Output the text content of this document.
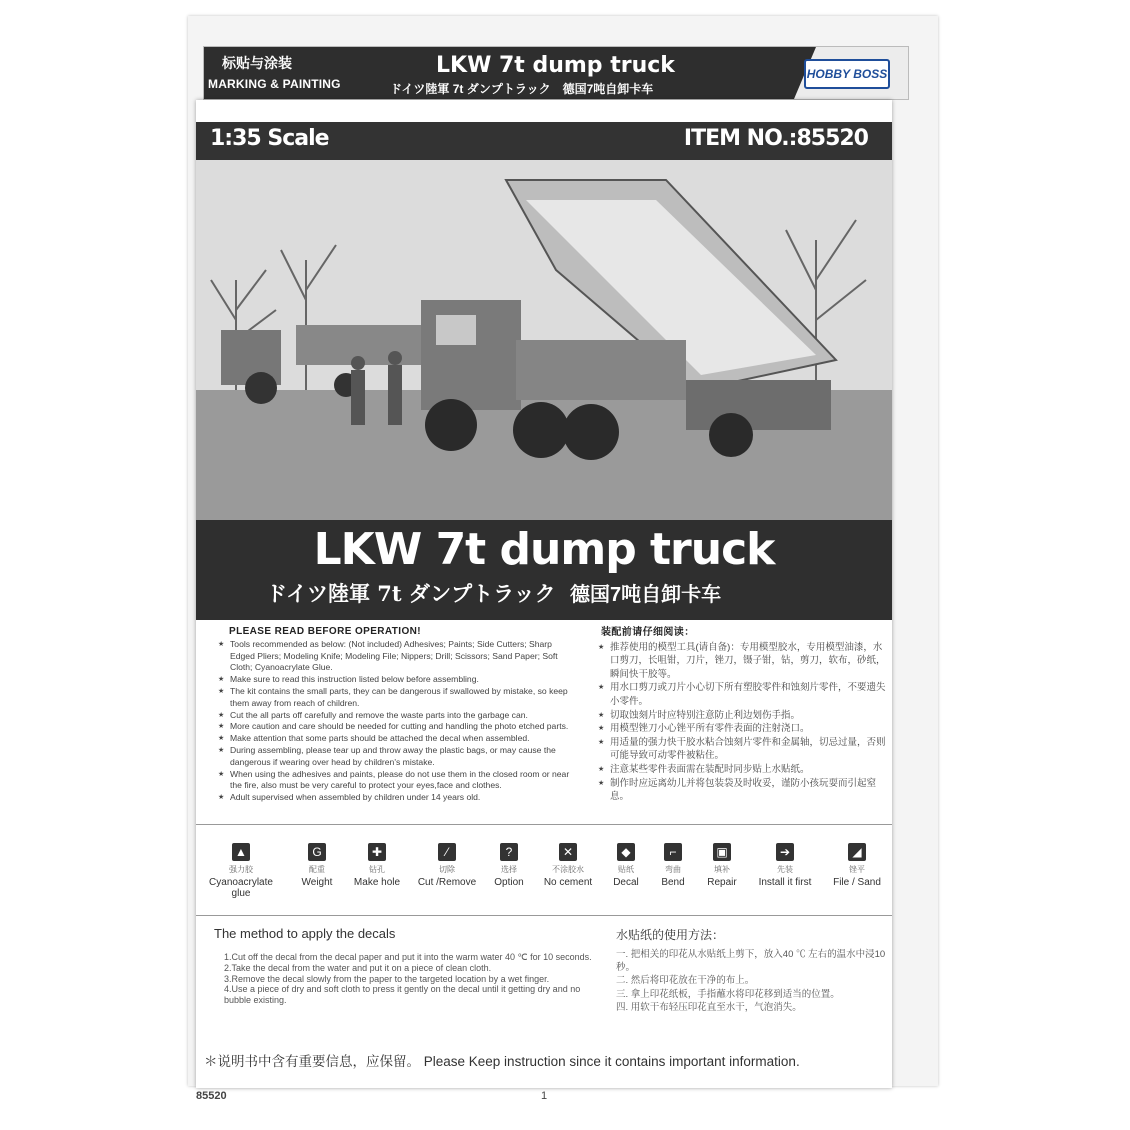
标贴与涂装
MARKING & PAINTING
LKW 7t dump truck
ドイツ陸軍 7t ダンプトラック　德国7吨自卸卡车
HOBBY BOSS
1:35 Scale	ITEM NO.:85520
LKW 7t dump truck
ドイツ陸軍 7t ダンプトラック 德国7吨自卸卡车
PLEASE READ BEFORE OPERATION!
★ Tools recommended as below: (Not included) Adhesives; Paints; Side Cutters; Sharp Edged Pliers; Modeling Knife; Modeling File; Nippers; Drill; Scissors; Sand Paper; Soft Cloth; Cyanoacrylate Glue.
★ Make sure to read this instruction listed below before assembling.
★ The kit contains the small parts, they can be dangerous if swallowed by mistake, so keep them away from reach of children.
★ Cut the all parts off carefully and remove the waste parts into the garbage can.
★ More caution and care should be needed for cutting and handling the photo etched parts.
★ Make attention that some parts should be attached the decal when assembled.
★ During assembling, please tear up and throw away the plastic bags, or may cause the dangerous if wearing over head by children's mistake.
★ When using the adhesives and paints, please do not use them in the closed room or near the fire, also must be very careful to protect your eyes,face and clothes.
★ Adult supervised when assembled by children under 14 years old.
装配前请仔细阅读：
★ 推荐使用的模型工具(请自备)：专用模型胶水，专用模型油漆，水口剪刀，长咀钳，刀片，锉刀，镊子钳，钻，剪刀，软布，砂纸，瞬间快干胶等。
★ 用水口剪刀或刀片小心切下所有塑胶零件和蚀刻片零件，不要遗失小零件。
★ 切取蚀刻片时应特别注意防止利边划伤手指。
★ 用模型锉刀小心锉平所有零件表面的注射浇口。
★ 用适量的强力快干胶水粘合蚀刻片零件和金属轴，切忌过量，否则可能导致可动零件被粘住。
★ 注意某些零件表面需在装配时同步贴上水贴纸。
★ 制作时应远离幼儿并将包装袋及时收妥，谨防小孩玩耍而引起窒息。
▲
强力胶
Cyanoacrylate glue
G
配重
Weight
✚
钻孔
Make hole
⁄
切除
Cut /Remove
?
选择
Option
✕
不涂胶水
No cement
◆
贴纸
Decal
⌐
弯曲
Bend
▣
填补
Repair
➔
先装
Install it first
◢
锉平
File / Sand
The method to apply the decals
1.Cut off the decal from the decal paper and put it into the warm water 40 ℃ for 10 seconds.
2.Take the decal from the water and put it on a piece of clean cloth.
3.Remove the decal slowly from the paper to the targeted location by a wet finger.
4.Use a piece of dry and soft cloth to press it gently on the decal until it getting dry and no bubble existing.
水贴纸的使用方法：
一. 把相关的印花从水贴纸上剪下，放入40 ℃ 左右的温水中浸10秒。
二. 然后将印花放在干净的布上。
三. 拿上印花纸板，手指蘸水将印花移到适当的位置。
四. 用软干布轻压印花直至水干，气泡消失。
＊说明书中含有重要信息，应保留。 Please Keep instruction since it contains important information.
85520	1
